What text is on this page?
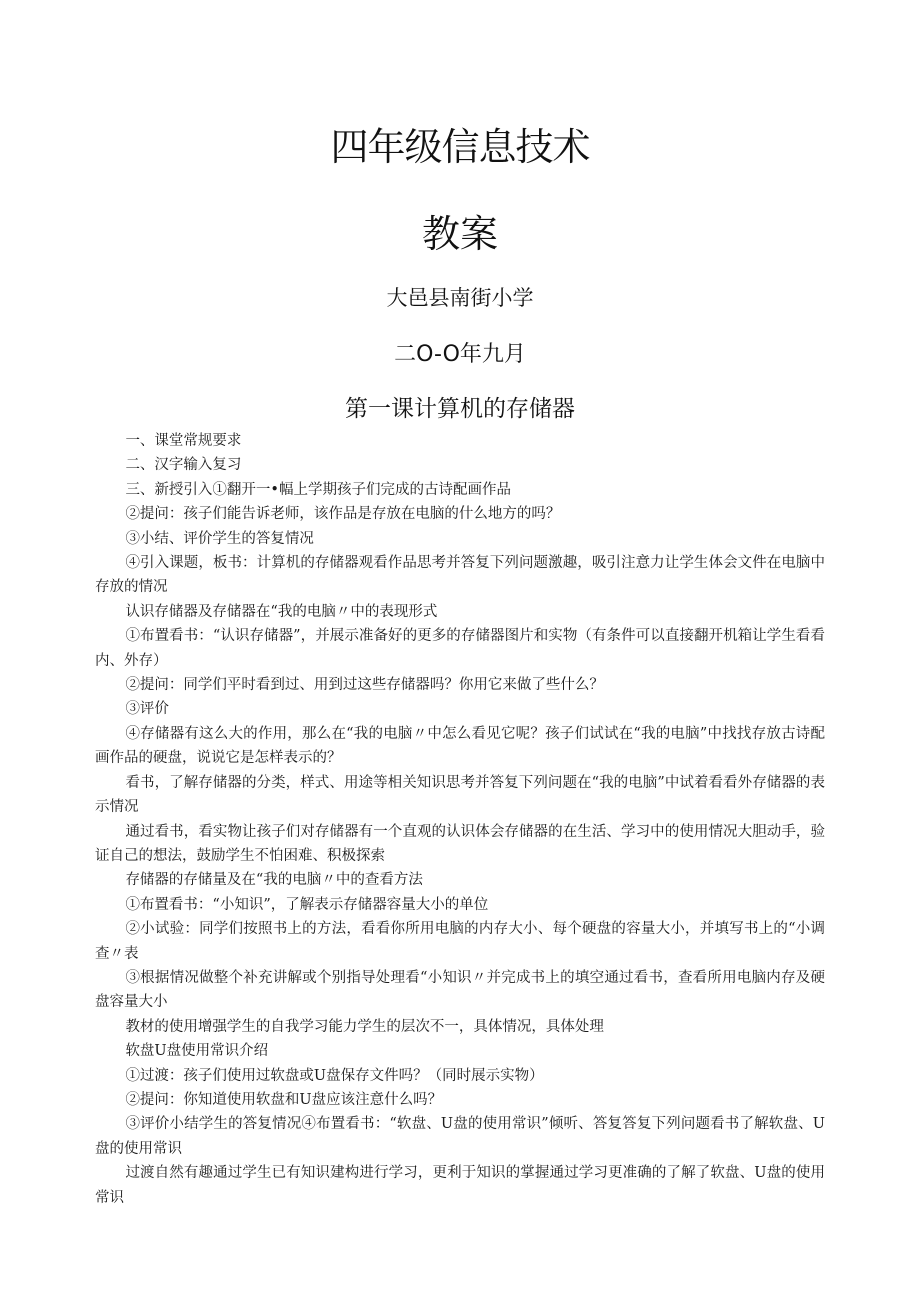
四年级信息技术
教案
大邑县南街小学
二O-O年九月
第一课计算机的存储器

一、课堂常规要求

二、汉字输入复习

三、新授引入①翻开一•幅上学期孩子们完成的古诗配画作品

②提问：孩子们能告诉老师，该作品是存放在电脑的什么地方的吗？

③小结、评价学生的答复情况

④引入课题，板书：计算机的存储器观看作品思考并答复下列问题激趣，吸引注意力让学生体会文件在电脑中存放的情况

认识存储器及存储器在“我的电脑〃中的表现形式

①布置看书：“认识存储器”，并展示准备好的更多的存储器图片和实物（有条件可以直接翻开机箱让学生看看内、外存）

②提问：同学们平时看到过、用到过这些存储器吗？你用它来做了些什么？

③评价

④存储器有这么大的作用，那么在“我的电脑〃中怎么看见它呢？孩子们试试在“我的电脑”中找找存放古诗配画作品的硬盘，说说它是怎样表示的？

看书，了解存储器的分类，样式、用途等相关知识思考并答复下列问题在“我的电脑”中试着看看外存储器的表示情况

通过看书，看实物让孩子们对存储器有一个直观的认识体会存储器的在生活、学习中的使用情况大胆动手，验证自己的想法，鼓励学生不怕困难、积极探索

存储器的存储量及在“我的电脑〃中的查看方法

①布置看书：“小知识”，了解表示存储器容量大小的单位

②小试验：同学们按照书上的方法，看看你所用电脑的内存大小、每个硬盘的容量大小，并填写书上的“小调查〃表

③根据情况做整个补充讲解或个别指导处理看“小知识〃并完成书上的填空通过看书，查看所用电脑内存及硬盘容量大小

教材的使用增强学生的自我学习能力学生的层次不一，具体情况，具体处理

软盘U盘使用常识介绍

①过渡：孩子们使用过软盘或U盘保存文件吗？（同时展示实物）

②提问：你知道使用软盘和U盘应该注意什么吗？

③评价小结学生的答复情况④布置看书：“软盘、U盘的使用常识”倾听、答复答复下列问题看书了解软盘、U盘的使用常识

过渡自然有趣通过学生已有知识建构进行学习，更利于知识的掌握通过学习更准确的了解了软盘、U盘的使用常识
